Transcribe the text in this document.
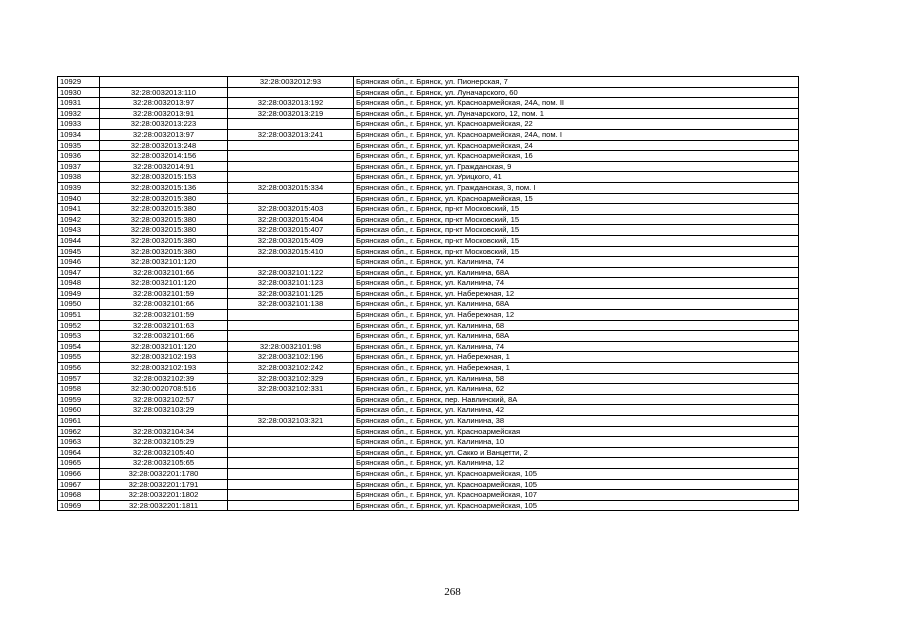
10929		32:28:0032012:93	Брянская обл., г. Брянск, ул. Пионерская, 7
10930	32:28:0032013:110		Брянская обл., г. Брянск, ул. Луначарского, 60
10931	32:28:0032013:97	32:28:0032013:192	Брянская обл., г. Брянск, ул. Красноармейская, 24А, пом. II
10932	32:28:0032013:91	32:28:0032013:219	Брянская обл., г. Брянск, ул. Луначарского, 12, пом. 1
10933	32:28:0032013:223		Брянская обл., г. Брянск, ул. Красноармейская, 22
10934	32:28:0032013:97	32:28:0032013:241	Брянская обл., г. Брянск, ул. Красноармейская, 24А, пом. I
10935	32:28:0032013:248		Брянская обл., г. Брянск, ул. Красноармейская, 24
10936	32:28:0032014:156		Брянская обл., г. Брянск, ул. Красноармейская, 16
10937	32:28:0032014:91		Брянская обл., г. Брянск, ул. Гражданская, 9
10938	32:28:0032015:153		Брянская обл., г. Брянск, ул. Урицкого, 41
10939	32:28:0032015:136	32:28:0032015:334	Брянская обл., г. Брянск, ул. Гражданская, 3, пом. I
10940	32:28:0032015:380		Брянская обл., г. Брянск, ул. Красноармейская, 15
10941	32:28:0032015:380	32:28:0032015:403	Брянская обл., г. Брянск, пр-кт Московский, 15
10942	32:28:0032015:380	32:28:0032015:404	Брянская обл., г. Брянск, пр-кт Московский, 15
10943	32:28:0032015:380	32:28:0032015:407	Брянская обл., г. Брянск, пр-кт Московский, 15
10944	32:28:0032015:380	32:28:0032015:409	Брянская обл., г. Брянск, пр-кт Московский, 15
10945	32:28:0032015:380	32:28:0032015:410	Брянская обл., г. Брянск, пр-кт Московский, 15
10946	32:28:0032101:120		Брянская обл., г. Брянск, ул. Калинина, 74
10947	32:28:0032101:66	32:28:0032101:122	Брянская обл., г. Брянск, ул. Калинина, 68А
10948	32:28:0032101:120	32:28:0032101:123	Брянская обл., г. Брянск, ул. Калинина, 74
10949	32:28:0032101:59	32:28:0032101:125	Брянская обл., г. Брянск, ул. Набережная, 12
10950	32:28:0032101:66	32:28:0032101:138	Брянская обл., г. Брянск, ул. Калинина, 68А
10951	32:28:0032101:59		Брянская обл., г. Брянск, ул. Набережная, 12
10952	32:28:0032101:63		Брянская обл., г. Брянск, ул. Калинина, 68
10953	32:28:0032101:66		Брянская обл., г. Брянск, ул. Калинина, 68А
10954	32:28:0032101:120	32:28:0032101:98	Брянская обл., г. Брянск, ул. Калинина, 74
10955	32:28:0032102:193	32:28:0032102:196	Брянская обл., г. Брянск, ул. Набережная, 1
10956	32:28:0032102:193	32:28:0032102:242	Брянская обл., г. Брянск, ул. Набережная, 1
10957	32:28:0032102:39	32:28:0032102:329	Брянская обл., г. Брянск, ул. Калинина, 58
10958	32:30:0020708:516	32:28:0032102:331	Брянская обл., г. Брянск, ул. Калинина, 62
10959	32:28:0032102:57		Брянская обл., г. Брянск, пер. Навлинский, 8А
10960	32:28:0032103:29		Брянская обл., г. Брянск, ул. Калинина, 42
10961		32:28:0032103:321	Брянская обл., г. Брянск, ул. Калинина, 38
10962	32:28:0032104:34		Брянская обл., г. Брянск, ул. Красноармейская
10963	32:28:0032105:29		Брянская обл., г. Брянск, ул. Калинина, 10
10964	32:28:0032105:40		Брянская обл., г. Брянск, ул. Сакко и Ванцетти, 2
10965	32:28:0032105:65		Брянская обл., г. Брянск, ул. Калинина, 12
10966	32:28:0032201:1780		Брянская обл., г. Брянск, ул. Красноармейская, 105
10967	32:28:0032201:1791		Брянская обл., г. Брянск, ул. Красноармейская, 105
10968	32:28:0032201:1802		Брянская обл., г. Брянск, ул. Красноармейская, 107
10969	32:28:0032201:1811		Брянская обл., г. Брянск, ул. Красноармейская, 105
268
